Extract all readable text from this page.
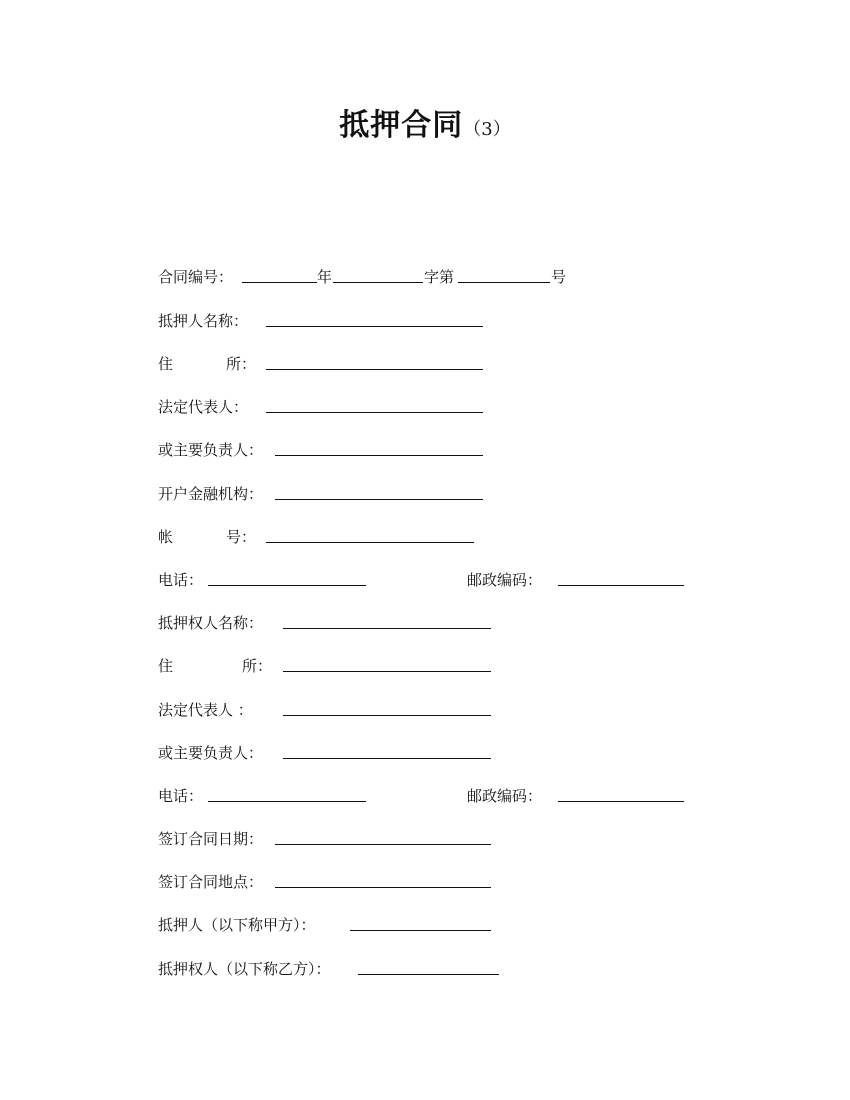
抵押合同（3）
合同编号：	年	字第	号
抵押人名称：
住	所：
法定代表人：
或主要负责人：
开户金融机构：
帐	号：
电话：	邮政编码：
抵押权人名称：
住	所：
法定代表人 ：
或主要负责人：
电话：	邮政编码：
签订合同日期：
签订合同地点：
抵押人（以下称甲方）：
抵押权人（以下称乙方）：
